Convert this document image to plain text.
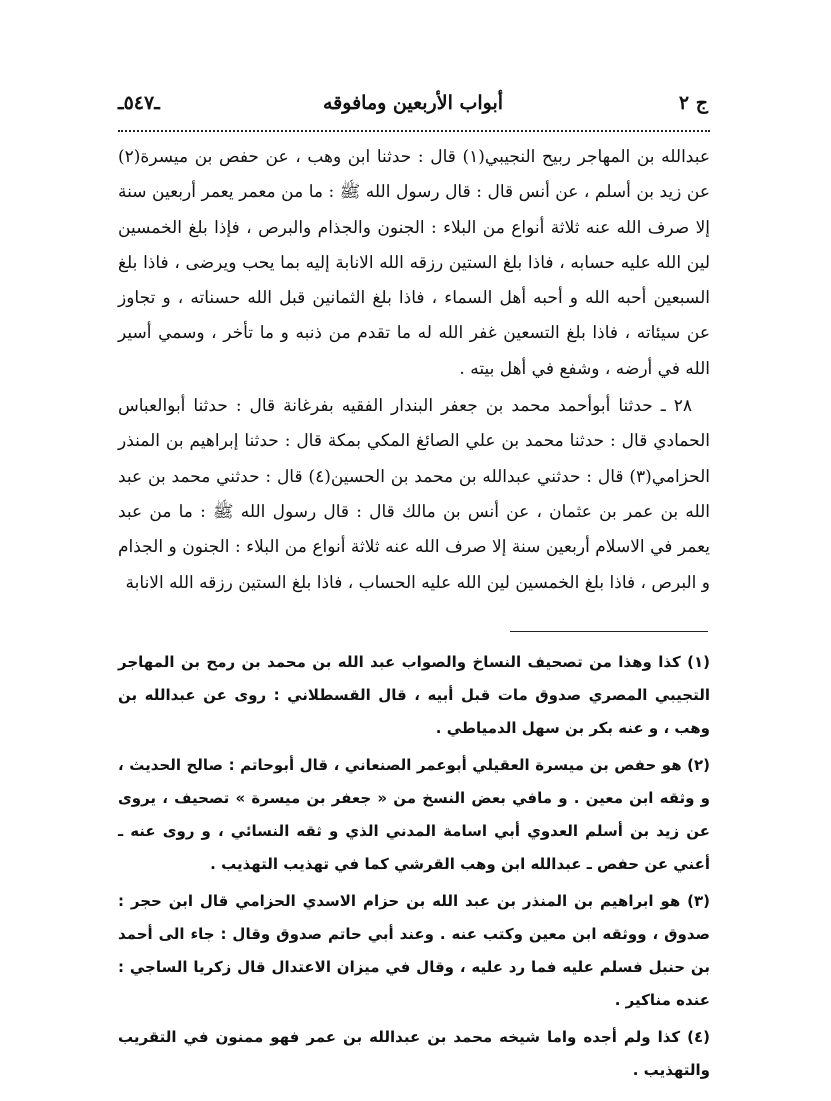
ج ٢
أبواب الأربعين ومافوقه
ـ٥٤٧ـ

عبدالله بن المهاجر ربيح النجيبي(١) قال : حدثنا ابن وهب ، عن حفص بن ميسرة(٢) عن زيد بن أسلم ، عن أنس قال : قال رسول الله ﷺ : ما من معمر يعمر أربعين سنة إلا صرف الله عنه ثلاثة أنواع من البلاء : الجنون والجذام والبرص ، فإذا بلغ الخمسين لين الله عليه حسابه ، فاذا بلغ الستين رزقه الله الانابة إليه بما يحب ويرضى ، فاذا بلغ السبعين أحبه الله و أحبه أهل السماء ، فاذا بلغ الثمانين قبل الله حسناته ، و تجاوز عن سيئاته ، فاذا بلغ التسعين غفر الله له ما تقدم من ذنبه و ما تأخر ، وسمي أسير الله في أرضه ، وشفع في أهل بيته .

٢٨ ـ حدثنا أبوأحمد محمد بن جعفر البندار الفقيه بفرغانة قال : حدثنا أبوالعباس الحمادي قال : حدثنا محمد بن علي الصائغ المكي بمكة قال : حدثنا إبراهيم بن المنذر الحزامي(٣) قال : حدثني عبدالله بن محمد بن الحسين(٤) قال : حدثني محمد بن عبد الله بن عمر بن عثمان ، عن أنس بن مالك قال : قال رسول الله ﷺ : ما من عبد يعمر في الاسلام أربعين سنة إلا صرف الله عنه ثلاثة أنواع من البلاء : الجنون و الجذام و البرص ، فاذا بلغ الخمسين لين الله عليه الحساب ، فاذا بلغ الستين رزقه الله الانابة

(١) كذا وهذا من تصحيف النساخ والصواب عبد الله بن محمد بن رمح بن المهاجر التجيبي المصري صدوق مات قبل أبيه ، قال القسطلاني : روى عن عبدالله بن وهب ، و عنه بكر بن سهل الدمياطي .

(٢) هو حفص بن ميسرة العقيلي أبوعمر الصنعاني ، قال أبوحاتم : صالح الحديث ، و وثقه ابن معين . و مافي بعض النسخ من « جعفر بن ميسرة » تصحيف ، يروى عن زيد بن أسلم العدوي أبي اسامة المدني الذي و ثقه النسائي ، و روى عنه ـ أعني عن حفص ـ عبدالله ابن وهب القرشي كما في تهذيب التهذيب .

(٣) هو ابراهيم بن المنذر بن عبد الله بن حزام الاسدي الحزامي قال ابن حجر : صدوق ، ووثقه ابن معين وكتب عنه . وعند أبي حاتم صدوق وقال : جاء الى أحمد بن حنبل فسلم عليه فما رد عليه ، وقال في ميزان الاعتدال قال زكريا الساجي : عنده مناكير .

(٤) كذا ولم أجده واما شيخه محمد بن عبدالله بن عمر فهو ممنون في التقريب والتهذيب .
